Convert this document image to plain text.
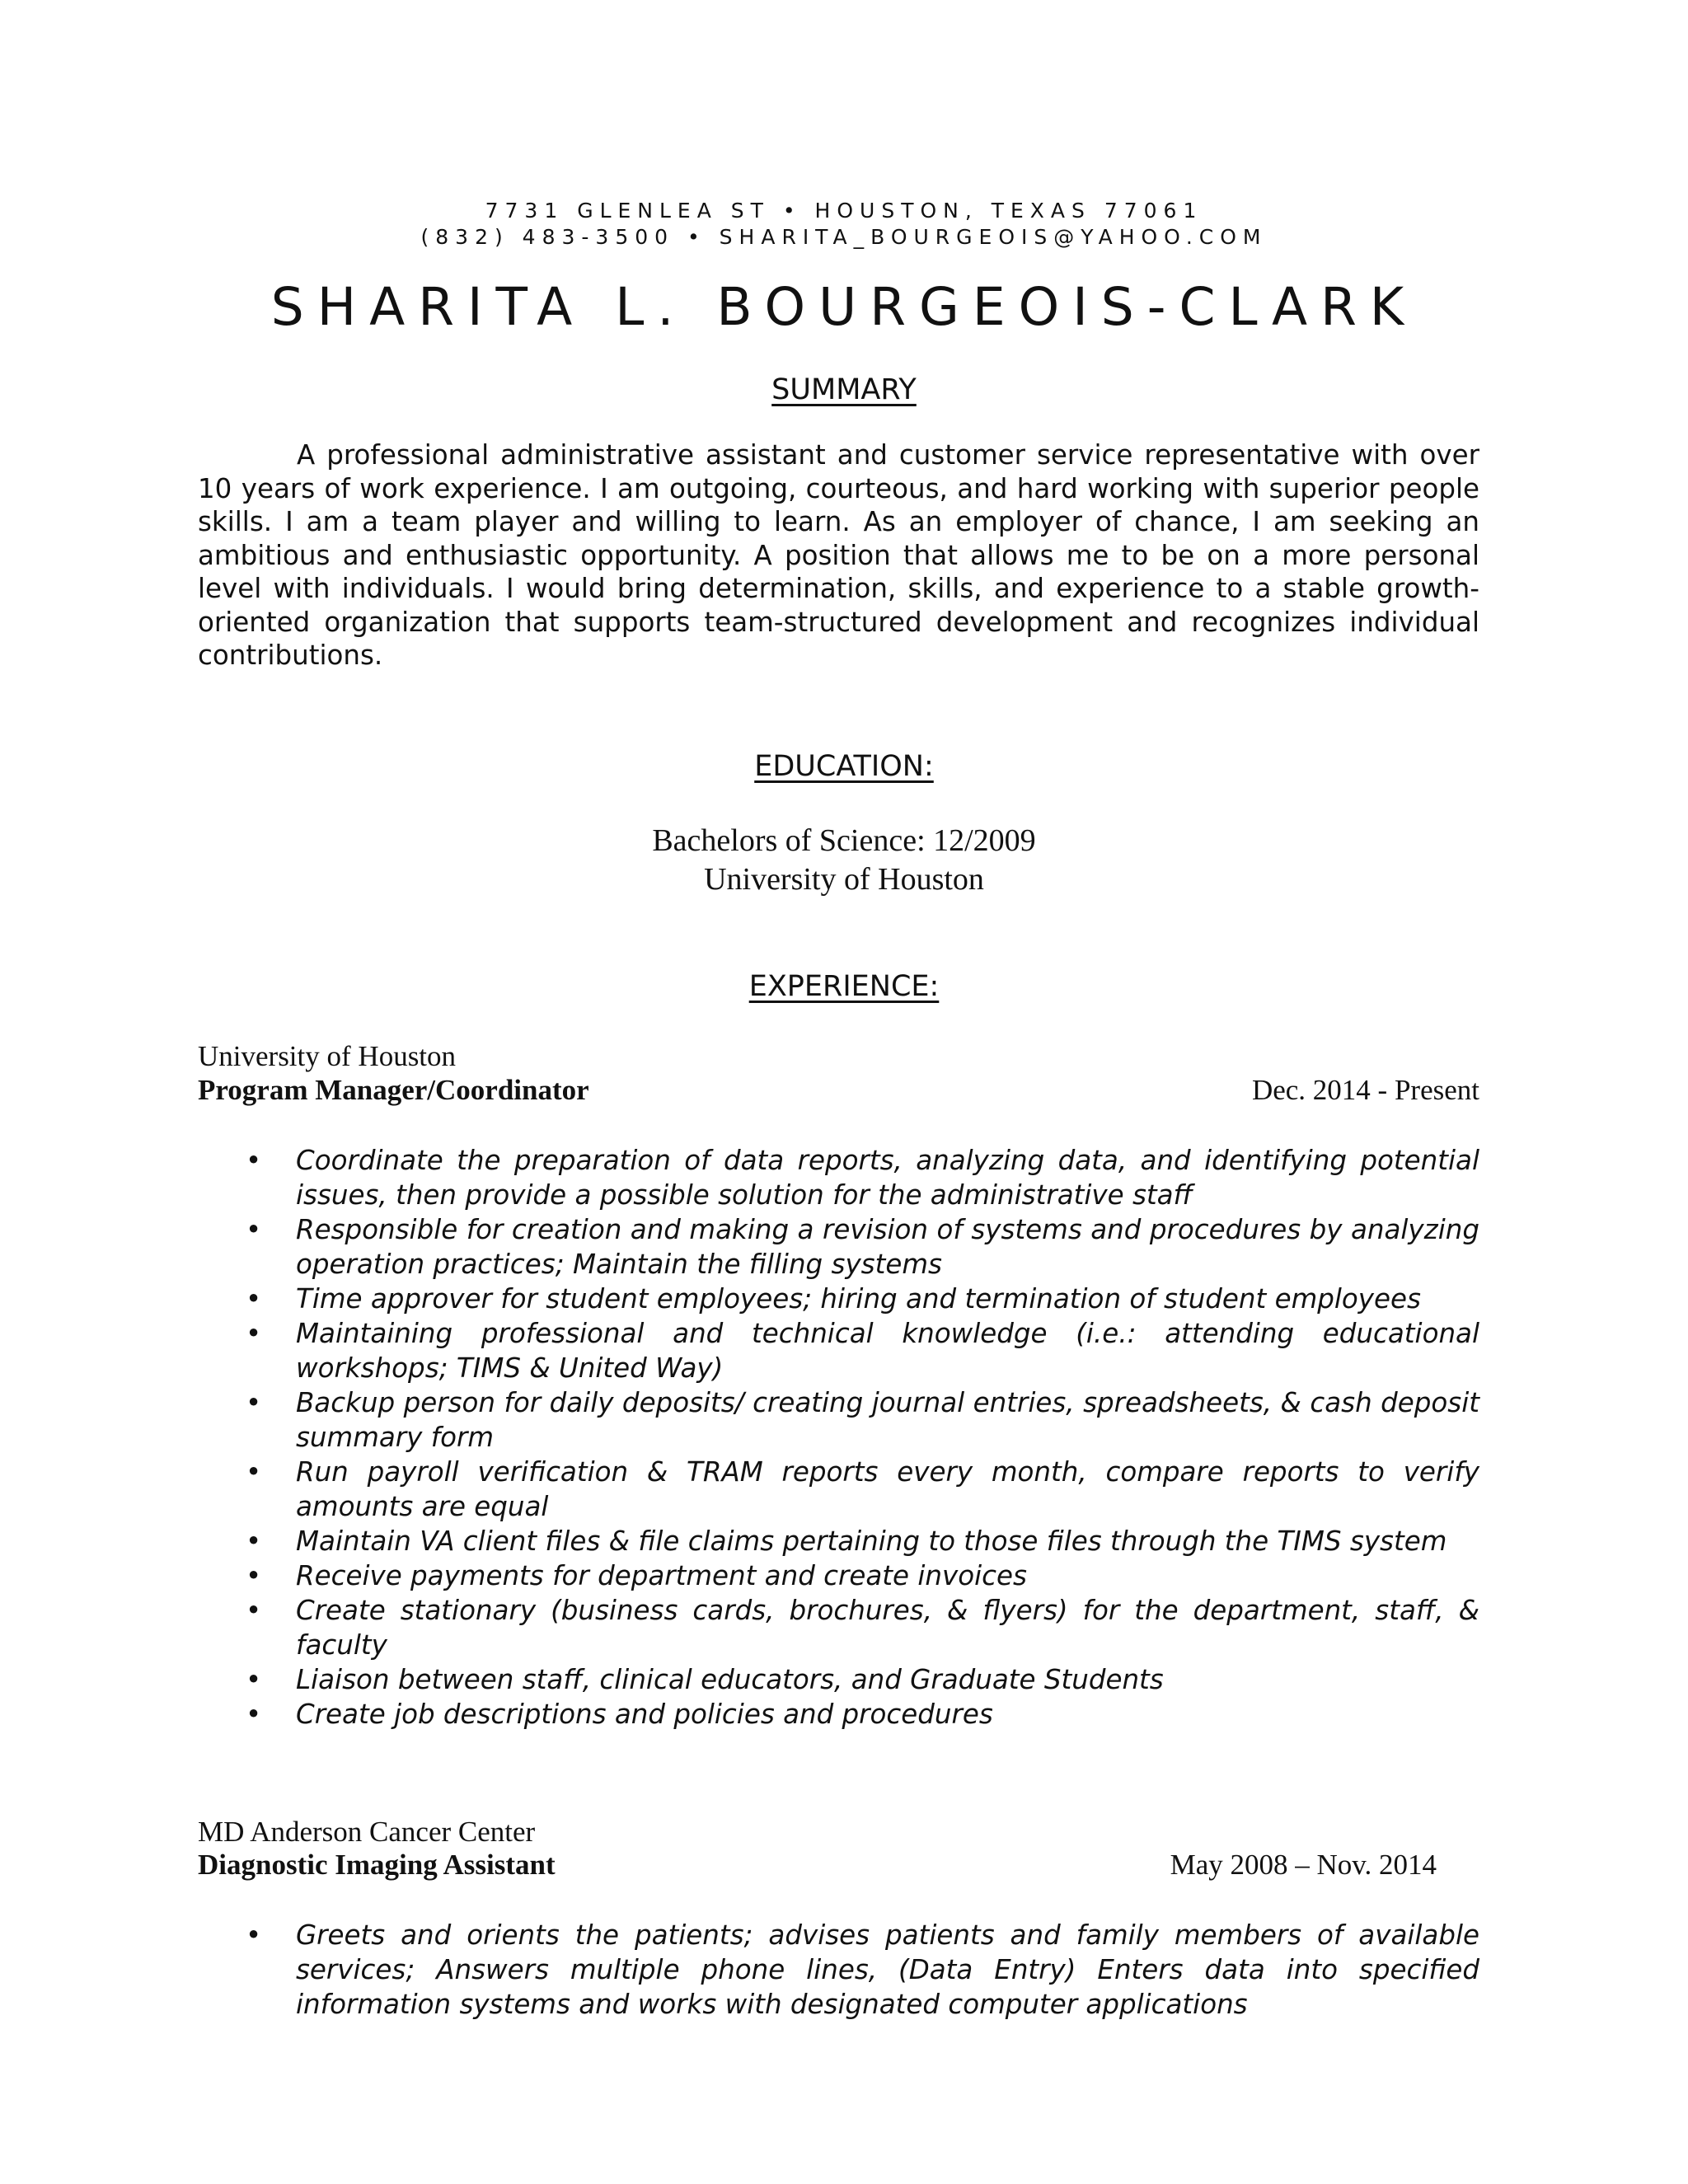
7731 GLENLEA ST • HOUSTON, TEXAS 77061
(832) 483-3500 • SHARITA_BOURGEOIS@YAHOO.COM
SHARITA L. BOURGEOIS-CLARK
SUMMARY

A professional administrative assistant and customer service representative with over 10 years of work experience. I am outgoing, courteous, and hard working with superior people skills. I am a team player and willing to learn. As an employer of chance, I am seeking an ambitious and enthusiastic opportunity. A position that allows me to be on a more personal level with individuals. I would bring determination, skills, and experience to a stable growth-oriented organization that supports team-structured development and recognizes individual contributions.

EDUCATION:
Bachelors of Science: 12/2009
University of Houston
EXPERIENCE:
University of Houston
Program Manager/Coordinator	Dec. 2014 - Present
• Coordinate the preparation of data reports, analyzing data, and identifying potential issues, then provide a possible solution for the administrative staff
• Responsible for creation and making a revision of systems and procedures by analyzing operation practices; Maintain the filling systems
• Time approver for student employees; hiring and termination of student employees
• Maintaining professional and technical knowledge (i.e.: attending educational workshops; TIMS & United Way)
• Backup person for daily deposits/ creating journal entries, spreadsheets, & cash deposit summary form
• Run payroll verification & TRAM reports every month, compare reports to verify amounts are equal
• Maintain VA client files & file claims pertaining to those files through the TIMS system
• Receive payments for department and create invoices
• Create stationary (business cards, brochures, & flyers) for the department, staff, & faculty
• Liaison between staff, clinical educators, and Graduate Students
• Create job descriptions and policies and procedures
MD Anderson Cancer Center
Diagnostic Imaging Assistant	May 2008 – Nov. 2014
• Greets and orients the patients; advises patients and family members of available services; Answers multiple phone lines, (Data Entry) Enters data into specified information systems and works with designated computer applications
